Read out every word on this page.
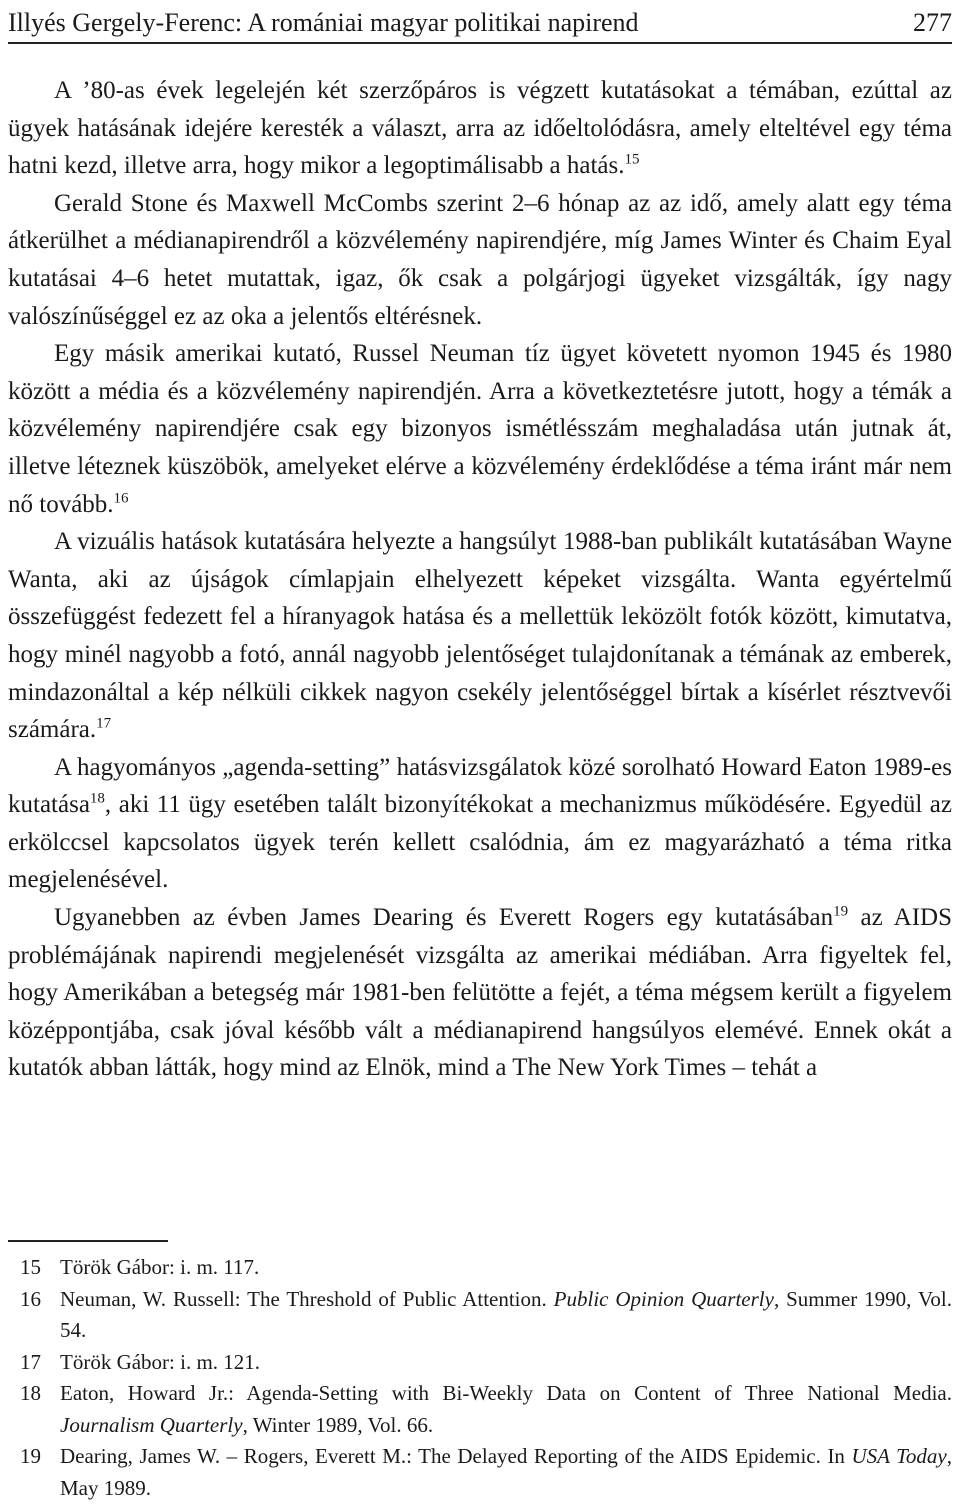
Illyés Gergely-Ferenc: A romániai magyar politikai napirend	277

A ’80-as évek legelején két szerzőpáros is végzett kutatásokat a témában, ezúttal az ügyek hatásának idejére keresték a választ, arra az időeltolódásra, amely elteltével egy téma hatni kezd, illetve arra, hogy mikor a legoptimálisabb a hatás.$^{15}$

Gerald Stone és Maxwell McCombs szerint 2–6 hónap az az idő, amely alatt egy téma átkerülhet a médianapirendről a közvélemény napirendjére, míg James Winter és Chaim Eyal kutatásai 4–6 hetet mutattak, igaz, ők csak a polgárjogi ügyeket vizsgálták, így nagy valószínűséggel ez az oka a jelentős eltérésnek.

Egy másik amerikai kutató, Russel Neuman tíz ügyet követett nyomon 1945 és 1980 között a média és a közvélemény napirendjén. Arra a következtetésre jutott, hogy a témák a közvélemény napirendjére csak egy bizonyos ismétlésszám meghaladása után jutnak át, illetve léteznek küszöbök, amelyeket elérve a közvélemény érdeklődése a téma iránt már nem nő tovább.$^{16}$

A vizuális hatások kutatására helyezte a hangsúlyt 1988-ban publikált kutatásában Wayne Wanta, aki az újságok címlapjain elhelyezett képeket vizsgálta. Wanta egyértelmű összefüggést fedezett fel a híranyagok hatása és a mellettük leközölt fotók között, kimutatva, hogy minél nagyobb a fotó, annál nagyobb jelentőséget tulajdonítanak a témának az emberek, mindazonáltal a kép nélküli cikkek nagyon csekély jelentőséggel bírtak a kísérlet résztvevői számára.$^{17}$

A hagyományos „agenda-setting” hatásvizsgálatok közé sorolható Howard Eaton 1989-es kutatása$^{18}$, aki 11 ügy esetében talált bizonyítékokat a mechanizmus működésére. Egyedül az erkölccsel kapcsolatos ügyek terén kellett csalódnia, ám ez magyarázható a téma ritka megjelenésével.

Ugyanebben az évben James Dearing és Everett Rogers egy kutatásában$^{19}$ az AIDS problémájának napirendi megjelenését vizsgálta az amerikai médiában. Arra figyeltek fel, hogy Amerikában a betegség már 1981-ben felütötte a fejét, a téma mégsem került a figyelem középpontjába, csak jóval később vált a médianapirend hangsúlyos elemévé. Ennek okát a kutatók abban látták, hogy mind az Elnök, mind a The New York Times – tehát a

15 Török Gábor: i. m. 117.
16 Neuman, W. Russell: The Threshold of Public Attention. Public Opinion Quarterly, Summer 1990, Vol. 54.
17 Török Gábor: i. m. 121.
18 Eaton, Howard Jr.: Agenda-Setting with Bi-Weekly Data on Content of Three National Media. Journalism Quarterly, Winter 1989, Vol. 66.
19 Dearing, James W. – Rogers, Everett M.: The Delayed Reporting of the AIDS Epidemic. In USA Today, May 1989.
